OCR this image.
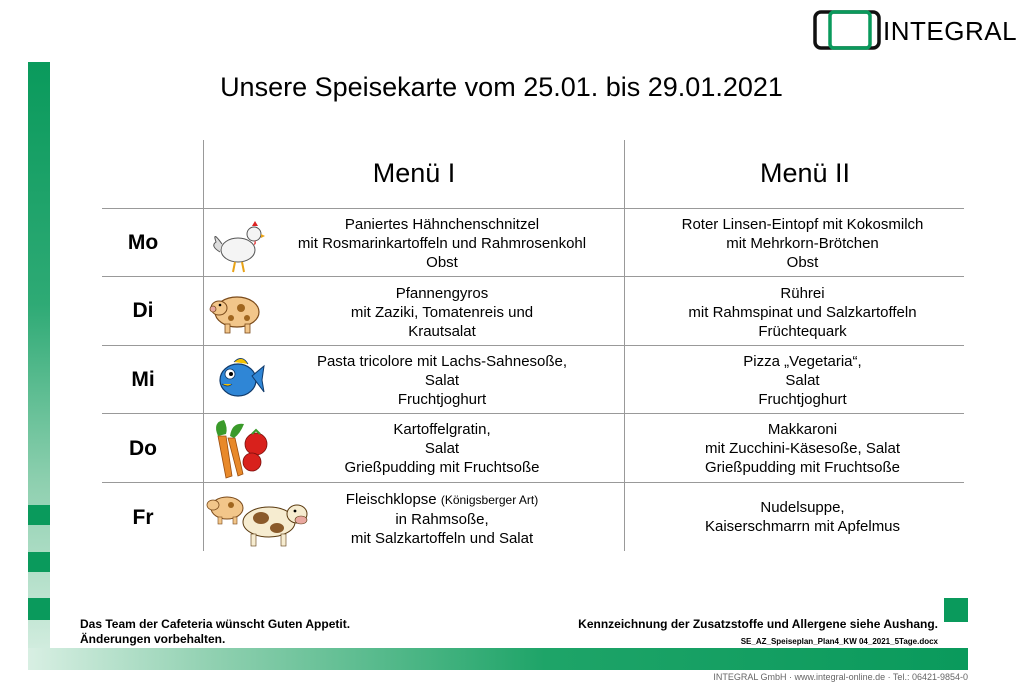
INTEGRAL
Unsere Speisekarte vom 25.01. bis 29.01.2021
Menü I	Menü II
Mo
Paniertes Hähnchenschnitzel
mit Rosmarinkartoffeln und Rahmrosenkohl
Obst
Roter Linsen-Eintopf mit Kokosmilch
mit Mehrkorn-Brötchen
Obst
Di
Pfannengyros
mit Zaziki, Tomatenreis und
Krautsalat
Rührei
mit Rahmspinat und Salzkartoffeln
Früchtequark
Mi
Pasta tricolore mit Lachs-Sahnesoße,
Salat
Fruchtjoghurt
Pizza „Vegetaria“,
Salat
Fruchtjoghurt
Do
Kartoffelgratin,
Salat
Grießpudding mit Fruchtsoße
Makkaroni
mit Zucchini-Käsesoße, Salat
Grießpudding mit Fruchtsoße
Fr
Fleischklopse (Königsberger Art)
in Rahmsoße,
mit Salzkartoffeln und Salat
Nudelsuppe,
Kaiserschmarrn mit Apfelmus
Das Team der Cafeteria wünscht Guten Appetit.
Änderungen vorbehalten.
Kennzeichnung der Zusatzstoffe und Allergene siehe Aushang.
SE_AZ_Speiseplan_Plan4_KW 04_2021_5Tage.docx
INTEGRAL GmbH · www.integral-online.de · Tel.: 06421-9854-0
